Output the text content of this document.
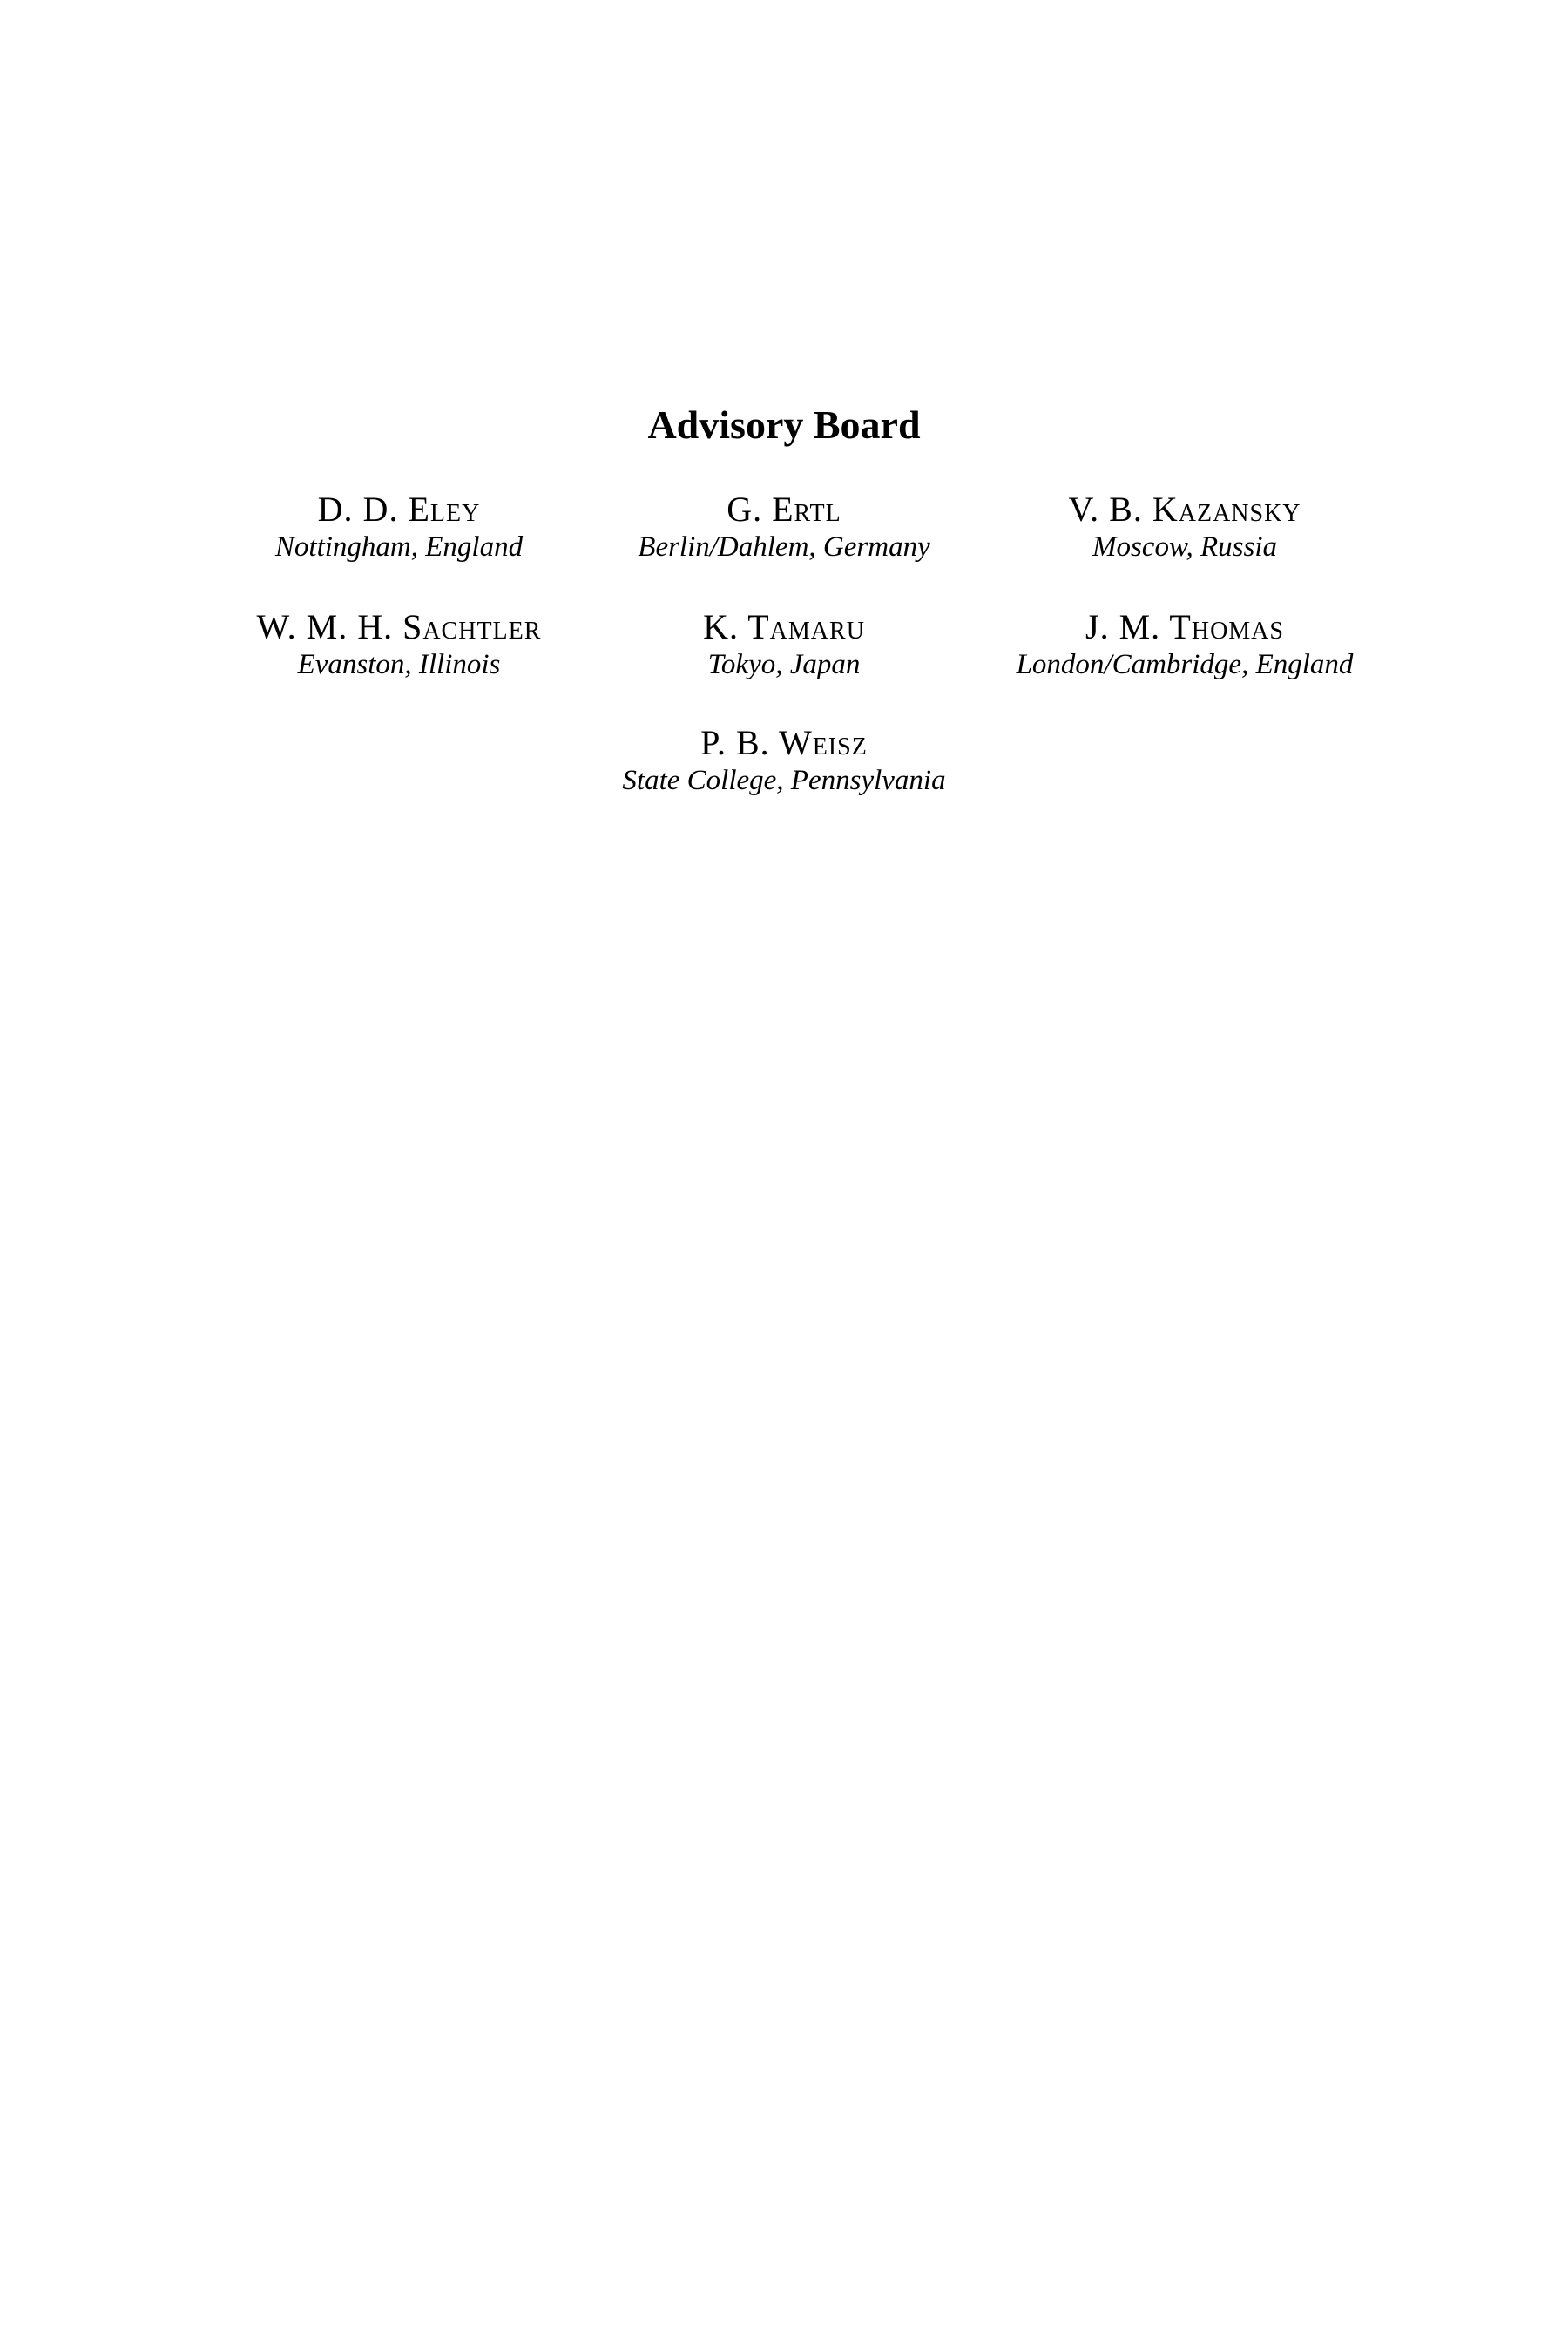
Advisory Board
D. D. Eley
Nottingham, England
G. Ertl
Berlin/Dahlem, Germany
V. B. Kazansky
Moscow, Russia
W. M. H. Sachtler
Evanston, Illinois
K. Tamaru
Tokyo, Japan
J. M. Thomas
London/Cambridge, England
P. B. Weisz
State College, Pennsylvania
